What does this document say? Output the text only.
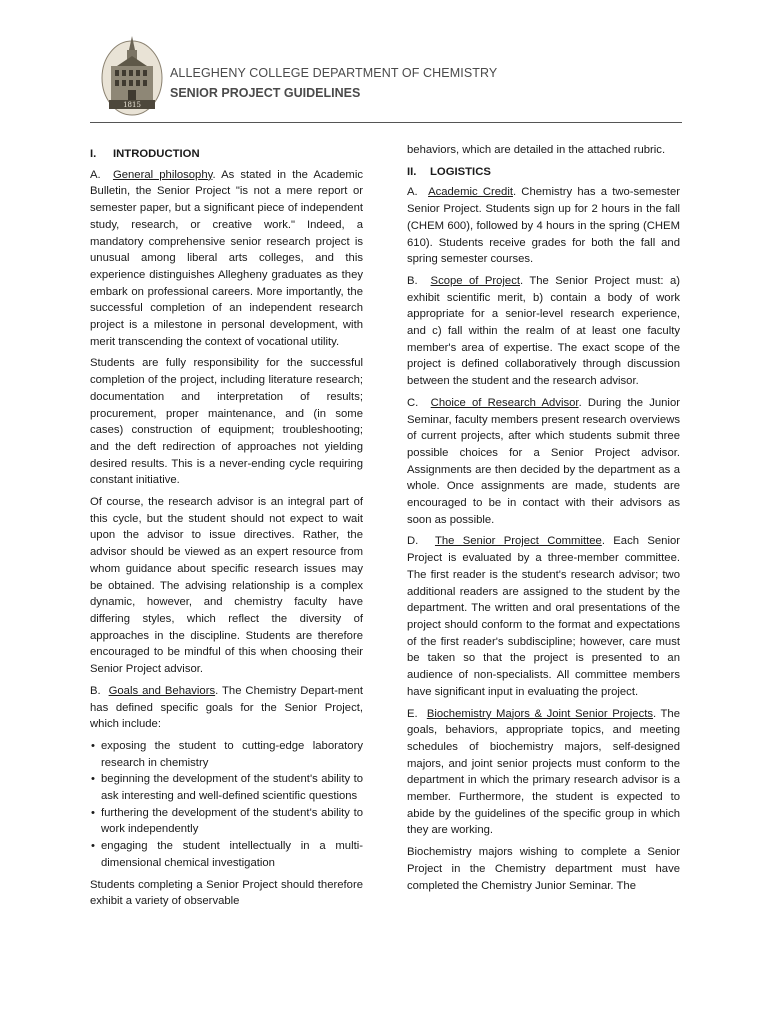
1815
ALLEGHENY COLLEGE DEPARTMENT OF CHEMISTRY
SENIOR PROJECT GUIDELINES
I. INTRODUCTION

A. General philosophy. As stated in the Academic Bulletin, the Senior Project "is not a mere report or semester paper, but a significant piece of independent study, research, or creative work." Indeed, a mandatory comprehensive senior research project is unusual among liberal arts colleges, and this experience distinguishes Allegheny graduates as they embark on professional careers. More importantly, the successful completion of an independent research project is a milestone in personal development, with merit transcending the context of vocational utility.

Students are fully responsibility for the successful completion of the project, including literature research; documentation and interpretation of results; procurement, proper maintenance, and (in some cases) construction of equipment; troubleshooting; and the deft redirection of approaches not yielding desired results. This is a never-ending cycle requiring constant initiative.

Of course, the research advisor is an integral part of this cycle, but the student should not expect to wait upon the advisor to issue directives. Rather, the advisor should be viewed as an expert resource from whom guidance about specific research issues may be obtained. The advising relationship is a complex dynamic, however, and chemistry faculty have differing styles, which reflect the diversity of approaches in the discipline. Students are therefore encouraged to be mindful of this when choosing their Senior Project advisor.

B. Goals and Behaviors. The Chemistry Depart-ment has defined specific goals for the Senior Project, which include:

• exposing the student to cutting-edge laboratory research in chemistry
• beginning the development of the student's ability to ask interesting and well-defined scientific questions
• furthering the development of the student's ability to work independently
• engaging the student intellectually in a multi-dimensional chemical investigation

Students completing a Senior Project should therefore exhibit a variety of observable

behaviors, which are detailed in the attached rubric.

II. LOGISTICS

A. Academic Credit. Chemistry has a two-semester Senior Project. Students sign up for 2 hours in the fall (CHEM 600), followed by 4 hours in the spring (CHEM 610). Students receive grades for both the fall and spring semester courses.

B. Scope of Project. The Senior Project must: a) exhibit scientific merit, b) contain a body of work appropriate for a senior-level research experience, and c) fall within the realm of at least one faculty member's area of expertise. The exact scope of the project is defined collaboratively through discussion between the student and the research advisor.

C. Choice of Research Advisor. During the Junior Seminar, faculty members present research overviews of current projects, after which students submit three possible choices for a Senior Project advisor. Assignments are then decided by the department as a whole. Once assignments are made, students are encouraged to be in contact with their advisors as soon as possible.

D. The Senior Project Committee. Each Senior Project is evaluated by a three-member committee. The first reader is the student's research advisor; two additional readers are assigned to the student by the department. The written and oral presentations of the project should conform to the format and expectations of the first reader's subdiscipline; however, care must be taken so that the project is presented to an audience of non-specialists. All committee members have significant input in evaluating the project.

E. Biochemistry Majors & Joint Senior Projects. The goals, behaviors, appropriate topics, and meeting schedules of biochemistry majors, self-designed majors, and joint senior projects must conform to the department in which the primary research advisor is a member. Furthermore, the student is expected to abide by the guidelines of the specific group in which they are working.

Biochemistry majors wishing to complete a Senior Project in the Chemistry department must have completed the Chemistry Junior Seminar. The
